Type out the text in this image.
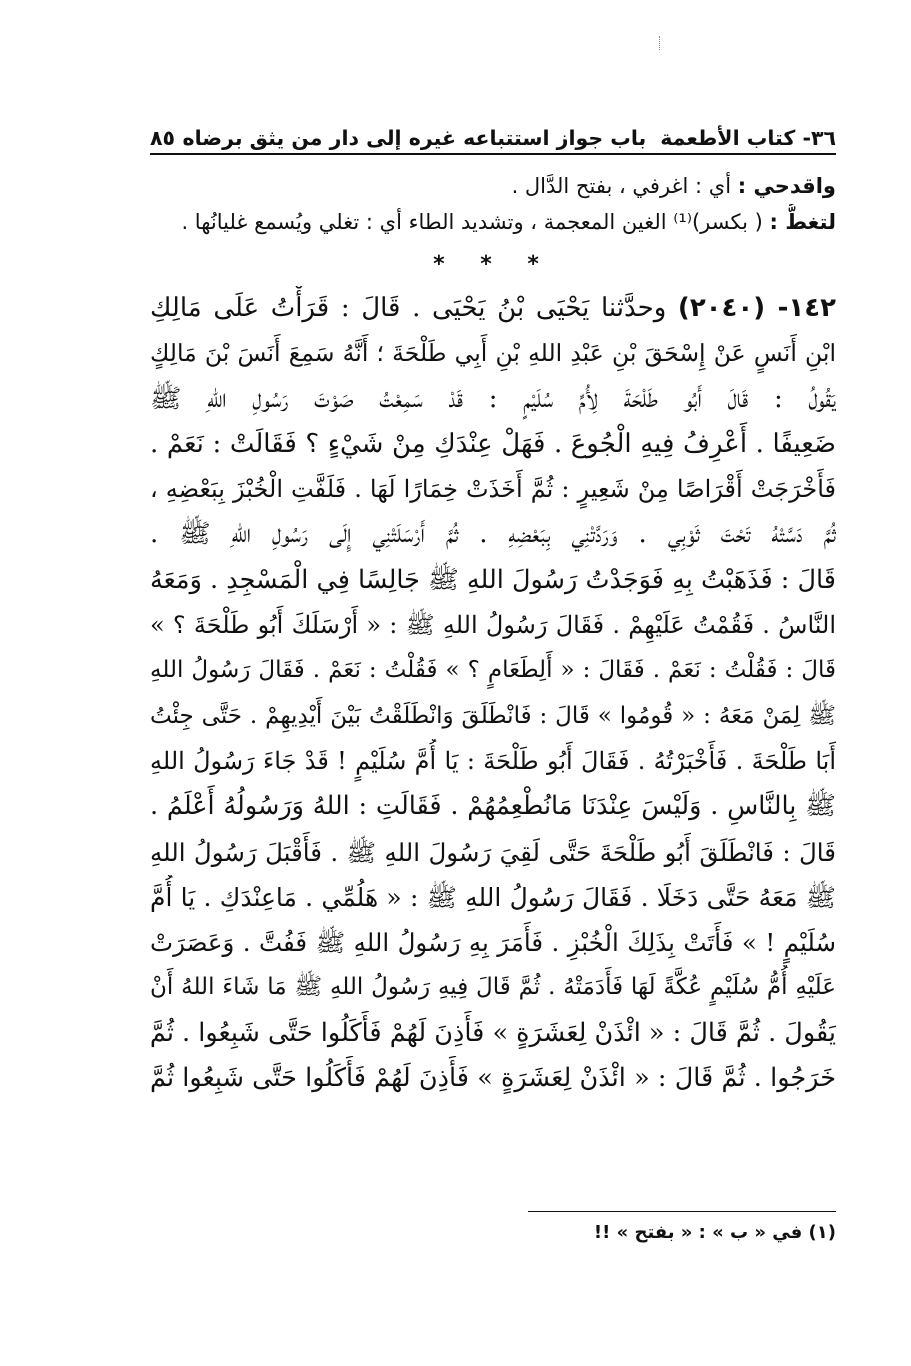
٣٦- كتاب الأطعمة
باب جواز استتباعه غيره إلى دار من يثق برضاه
٨٥
واقدحي : أي : اغرفي ، بفتح الدَّال .
لتغطُّ : ( بكسر)⁽¹⁾ الغين المعجمة ، وتشديد الطاء أي : تغلي ويُسمع غليانُها .
* * *
١٤٢- (٢٠٤٠) وحدَّثنا يَحْيَى بْنُ يَحْيَى . قَالَ : قَرَأْتُ عَلَى مَالِكِ
ابْنِ أَنَسٍ عَنْ إِسْحَقَ بْنِ عَبْدِ اللهِ بْنِ أَبِي طَلْحَةَ ؛ أَنَّهُ سَمِعَ أَنَسَ بْنَ مَالِكٍ
يَقُولُ : قَالَ أَبُو طَلْحَةَ لِأُمِّ سُلَيْمٍ : قَدْ سَمِعْتُ صَوْتَ رَسُولِ اللهِ ﷺ
ضَعِيفًا . أَعْرِفُ فِيهِ الْجُوعَ . فَهَلْ عِنْدَكِ مِنْ شَيْءٍ ؟ فَقَالَتْ : نَعَمْ .
فَأَخْرَجَتْ أَقْرَاصًا مِنْ شَعِيرٍ : ثُمَّ أَخَذَتْ خِمَارًا لَهَا . فَلَفَّتِ الْخُبْزَ بِبَعْضِهِ ،
ثُمَّ دَسَّتْهُ تَحْتَ ثَوْبِي . وَرَدَّتْنِي بِبَعْضِهِ . ثُمَّ أَرْسَلَتْنِي إِلَى رَسُولِ اللهِ ﷺ .
قَالَ : فَذَهَبْتُ بِهِ فَوَجَدْتُ رَسُولَ اللهِ ﷺ جَالِسًا فِي الْمَسْجِدِ . وَمَعَهُ
النَّاسُ . فَقُمْتُ عَلَيْهِمْ . فَقَالَ رَسُولُ اللهِ ﷺ : « أَرْسَلَكَ أَبُو طَلْحَةَ ؟ »
قَالَ : فَقُلْتُ : نَعَمْ . فَقَالَ : « أَلِطَعَامٍ ؟ » فَقُلْتُ : نَعَمْ . فَقَالَ رَسُولُ اللهِ
ﷺ لِمَنْ مَعَهُ : « قُومُوا » قَالَ : فَانْطَلَقَ وَانْطَلَقْتُ بَيْنَ أَيْدِيهِمْ . حَتَّى جِئْتُ
أَبَا طَلْحَةَ . فَأَخْبَرْتُهُ . فَقَالَ أَبُو طَلْحَةَ : يَا أُمَّ سُلَيْمٍ ! قَدْ جَاءَ رَسُولُ اللهِ
ﷺ بِالنَّاسِ . وَلَيْسَ عِنْدَنَا مَانُطْعِمُهُمْ . فَقَالَتِ : اللهُ وَرَسُولُهُ أَعْلَمُ .
قَالَ : فَانْطَلَقَ أَبُو طَلْحَةَ حَتَّى لَقِيَ رَسُولَ اللهِ ﷺ . فَأَقْبَلَ رَسُولُ اللهِ
ﷺ مَعَهُ حَتَّى دَخَلَا . فَقَالَ رَسُولُ اللهِ ﷺ : « هَلُمِّي . مَاعِنْدَكِ . يَا أُمَّ
سُلَيْمٍ ! » فَأَتَتْ بِذَلِكَ الْخُبْزِ . فَأَمَرَ بِهِ رَسُولُ اللهِ ﷺ فَفُتَّ . وَعَصَرَتْ
عَلَيْهِ أُمُّ سُلَيْمٍ عُكَّةً لَهَا فَأَدَمَتْهُ . ثُمَّ قَالَ فِيهِ رَسُولُ اللهِ ﷺ مَا شَاءَ اللهُ أَنْ
يَقُولَ . ثُمَّ قَالَ : « ائْذَنْ لِعَشَرَةٍ » فَأَذِنَ لَهُمْ فَأَكَلُوا حَتَّى شَبِعُوا . ثُمَّ
خَرَجُوا . ثُمَّ قَالَ : « ائْذَنْ لِعَشَرَةٍ » فَأَذِنَ لَهُمْ فَأَكَلُوا حَتَّى شَبِعُوا ثُمَّ
(١) في « ب » : « بفتح » !!
